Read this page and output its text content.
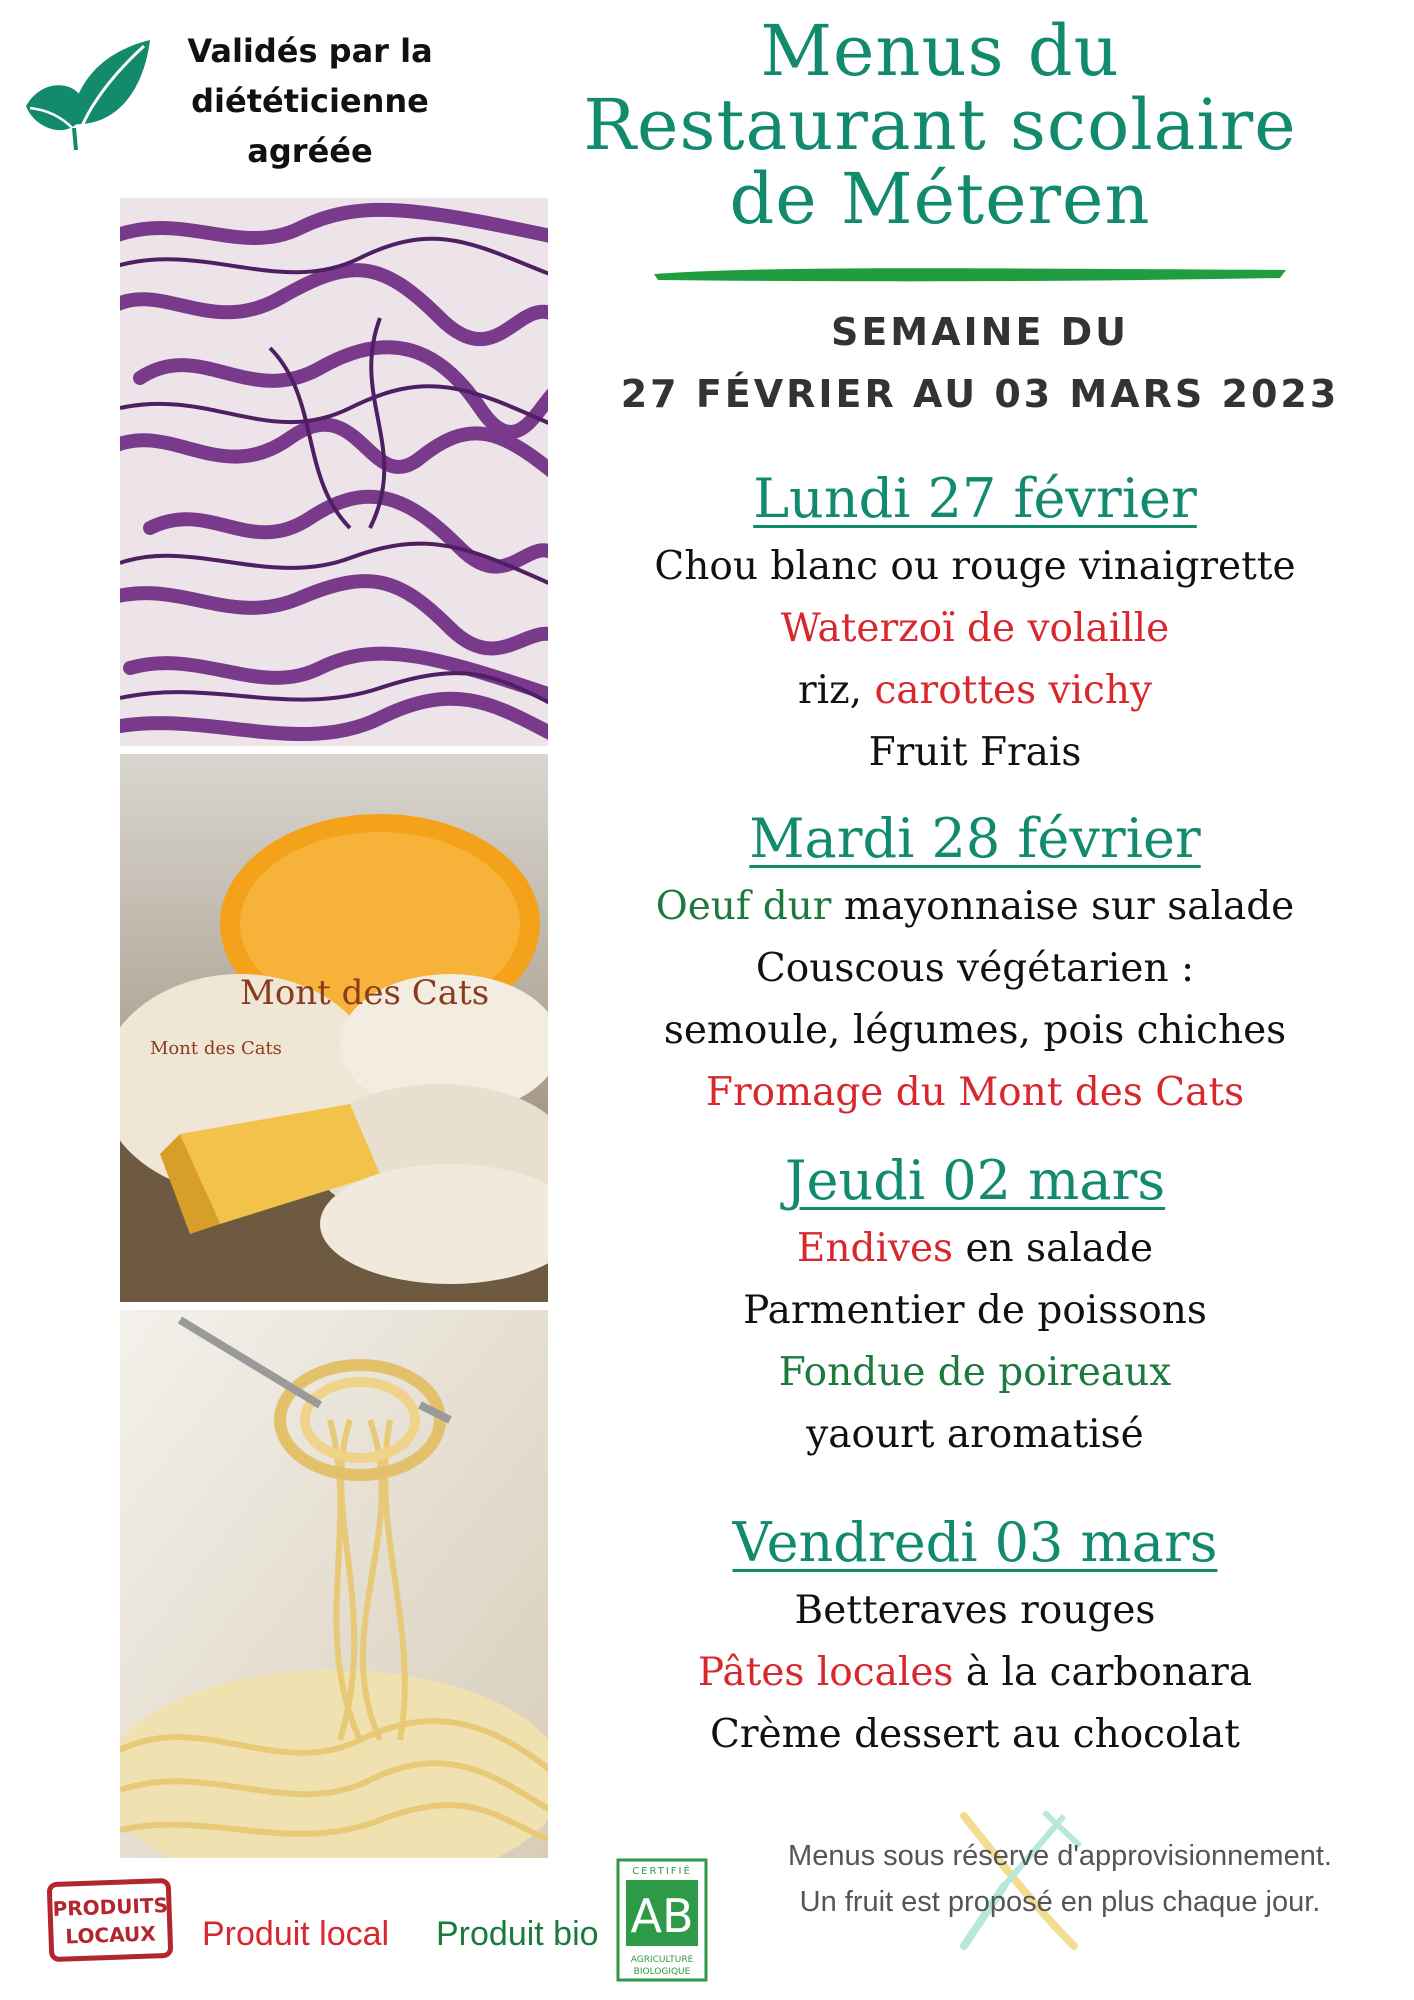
Canva
Validés par la
diététicienne
agréée
Menus du
Restaurant scolaire
de Méteren
SEMAINE DU
27 FÉVRIER AU 03 MARS 2023
Mont des Cats
Mont des Cats
Lundi 27 février
Chou blanc ou rouge vinaigrette
Waterzoï de volaille
riz, carottes vichy
Fruit Frais
Mardi 28 février
Oeuf dur mayonnaise sur salade
Couscous végétarien :
semoule, légumes, pois chiches
Fromage du Mont des Cats
Jeudi 02 mars
Endives en salade
Parmentier de poissons
Fondue de poireaux
yaourt aromatisé
Vendredi 03 mars
Betteraves rouges
Pâtes locales à la carbonara
Crème dessert au chocolat
PRODUITS
LOCAUX	Produit local Produit bio
CERTIFIÉ
AB
AGRICULTURE
BIOLOGIQUE
Menus sous réserve d'approvisionnement.
Un fruit est proposé en plus chaque jour.
